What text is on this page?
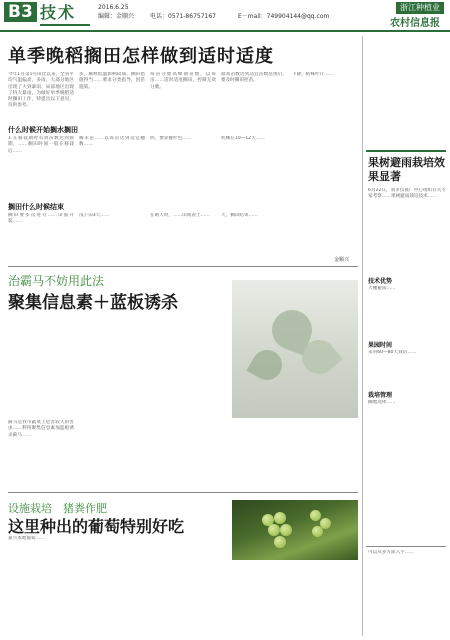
B3 技术	2016.6.25
编辑：金顺兴	电话：0571-86757167	E－mail：749904144@qq.com
浙江种植业
农村信息报
单季晚稻搁田怎样做到适时适度
今年1月第1号田比以来，全省平均气温偏高，多雨，大部分地区出现了大到暴雨、局部地区出现了特大暴雨，为做好单季晚稻适时搁田工作，特提出以下意见，仅供参考。
多，稀释低温影响较弱，搁田措施得当……要求分类指导，因苗施策。
每亩分蘖高峰期苗数，以每亩……适时适度搁田，控制无效分蘖。
最高苗数达到适宜苗数范围后，要及时搁田控苗。
下降，稻株叶片……
什么时候开始搁水搁田
1.在移栽期时有效苗数达到预期，……搁田时间一般在移栽后……
稀禾苗……以每亩达到适宜穗数……
明，要掌握叶色……	机械在10—12天……
搁田什么时候结束
搁田要多次进行……田面开裂……
浅干田3天……	在晴天时，……田间表土……	天，搁田结束……
金顺兴
果树避雨栽培效果显著
6月22日，我市技推广中心组织有关专家考察……果树避雨栽培技术……
技术优势
大棚避雨……
果园时间
采用60—80天栽培……
栽培管理
搁地选择……
可以从多方面入手……
治霸马不妨用此法
聚集信息素＋蓝板诱杀
蓟马是我市蔬菜上危害较大的害虫……利用聚集信息素加蓝板诱杀蓟马……
设施栽培　猪粪作肥
这里种出的葡萄特别好吃
嘉兴本地葡萄……
